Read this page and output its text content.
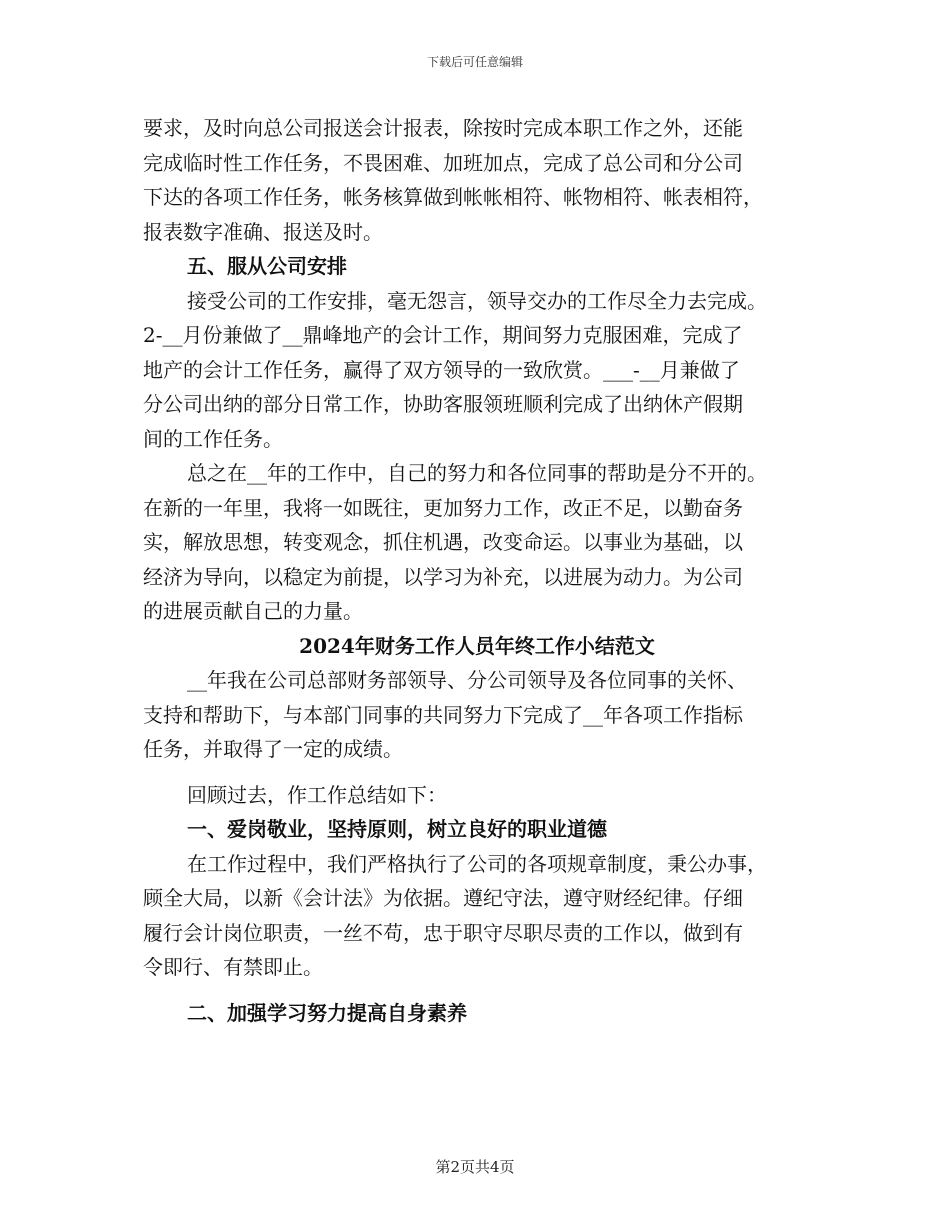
下载后可任意编辑
要求，及时向总公司报送会计报表，除按时完成本职工作之外，还能
完成临时性工作任务，不畏困难、加班加点，完成了总公司和分公司
下达的各项工作任务，帐务核算做到帐帐相符、帐物相符、帐表相符，
报表数字准确、报送及时。
五、服从公司安排
接受公司的工作安排，毫无怨言，领导交办的工作尽全力去完成。
2-__月份兼做了__鼎峰地产的会计工作，期间努力克服困难，完成了
地产的会计工作任务，赢得了双方领导的一致欣赏。___-__月兼做了
分公司出纳的部分日常工作，协助客服领班顺利完成了出纳休产假期
间的工作任务。
总之在__年的工作中，自己的努力和各位同事的帮助是分不开的。
在新的一年里，我将一如既往，更加努力工作，改正不足，以勤奋务
实，解放思想，转变观念，抓住机遇，改变命运。以事业为基础，以
经济为导向，以稳定为前提，以学习为补充，以进展为动力。为公司
的进展贡献自己的力量。
2024年财务工作人员年终工作小结范文
__年我在公司总部财务部领导、分公司领导及各位同事的关怀、
支持和帮助下，与本部门同事的共同努力下完成了__年各项工作指标
任务，并取得了一定的成绩。
回顾过去，作工作总结如下：
一、爱岗敬业，坚持原则，树立良好的职业道德
在工作过程中，我们严格执行了公司的各项规章制度，秉公办事，
顾全大局，以新《会计法》为依据。遵纪守法，遵守财经纪律。仔细
履行会计岗位职责，一丝不苟，忠于职守尽职尽责的工作以，做到有
令即行、有禁即止。
二、加强学习努力提高自身素养
第2页共4页
